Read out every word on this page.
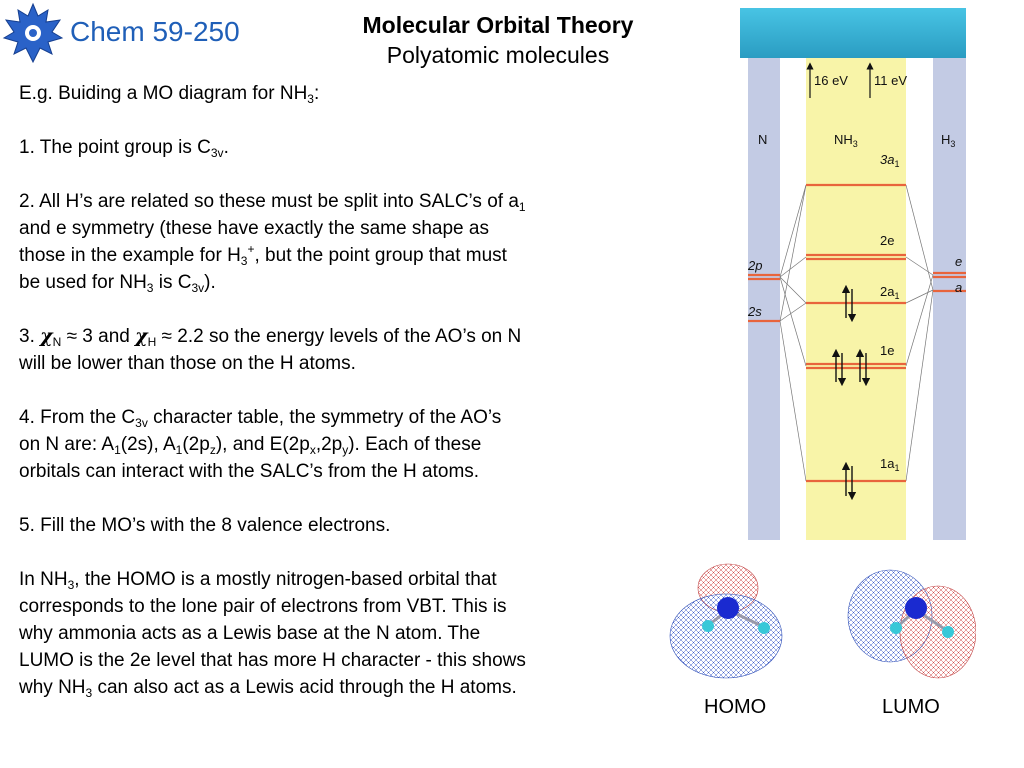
Chem 59-250	Molecular Orbital Theory
Polyatomic molecules

E.g. Buiding a MO diagram for $NH_3$:

1. The point group is $C_{3v}$.

2. All H’s are related so these must be split into SALC’s of $a_1$
and e symmetry (these have exactly the same shape as
those in the example for $H_3^+$, but the point group that must
be used for $NH_3$ is $C_{3v}$).

3. $\chi_N \approx 3$ and $\chi_H \approx 2.2$ so the energy levels of the AO’s on N
will be lower than those on the H atoms.

4. From the $C_{3v}$ character table, the symmetry of the AO’s
on N are: $A_1(2s)$, $A_1(2p_z)$, and $E(2p_x,2p_y)$. Each of these
orbitals can interact with the SALC’s from the H atoms.

5. Fill the MO’s with the 8 valence electrons.

In $NH_3$, the HOMO is a mostly nitrogen-based orbital that
corresponds to the lone pair of electrons from VBT. This is
why ammonia acts as a Lewis base at the N atom. The
LUMO is the 2e level that has more H character - this shows
why $NH_3$ can also act as a Lewis acid through the H atoms.

16 eV 11 eV
N	$NH_3$	$H_3$
2p
2s
e
a
$3a_1$
2e
$2a_1$
1e
$1a_1$
HOMO	LUMO
